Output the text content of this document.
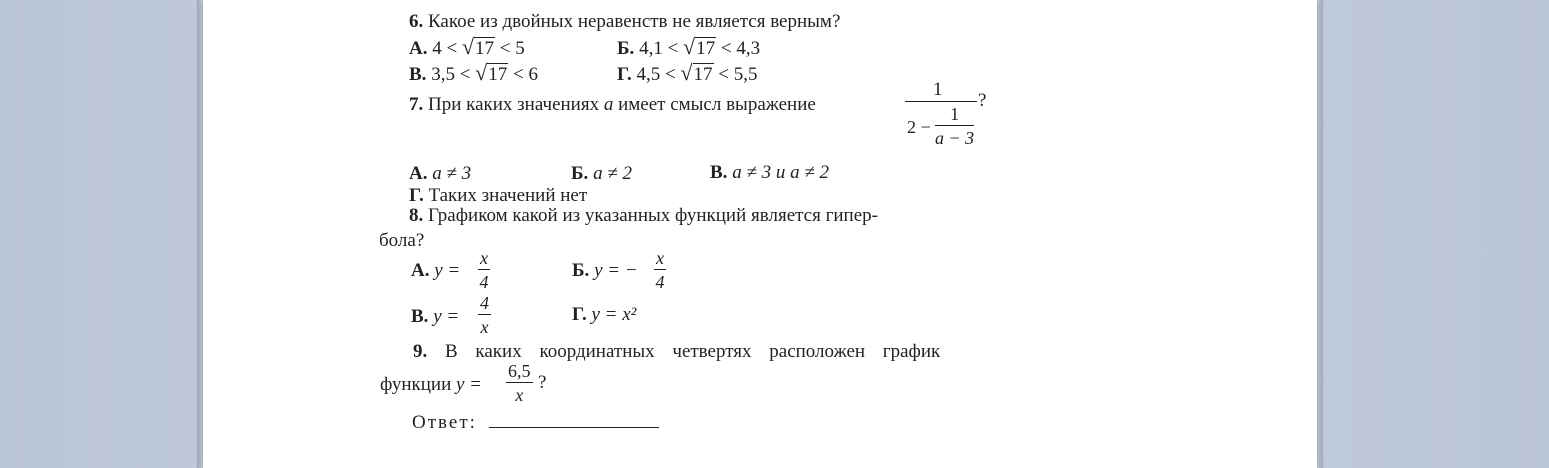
6. Какое из двойных неравенств не является верным?
А. 4 < √17 < 5	Б. 4,1 < √17 < 4,3
В. 3,5 < √17 < 6	Г. 4,5 < √17 < 5,5
7. При каких значениях a имеет смысл выражение
1
?
2 −
1
a − 3
А. a ≠ 3	Б. a ≠ 2	В. a ≠ 3 и a ≠ 2
Г. Таких значений нет
8. Графиком какой из указанных функций является гипер-
бола?
А. y =
x
4
Б. y = −
x
4
В. y =
4
x
Г. y = x²
9. В каких координатных четвертях расположен график
функции y =
6,5
x
?
Ответ:
